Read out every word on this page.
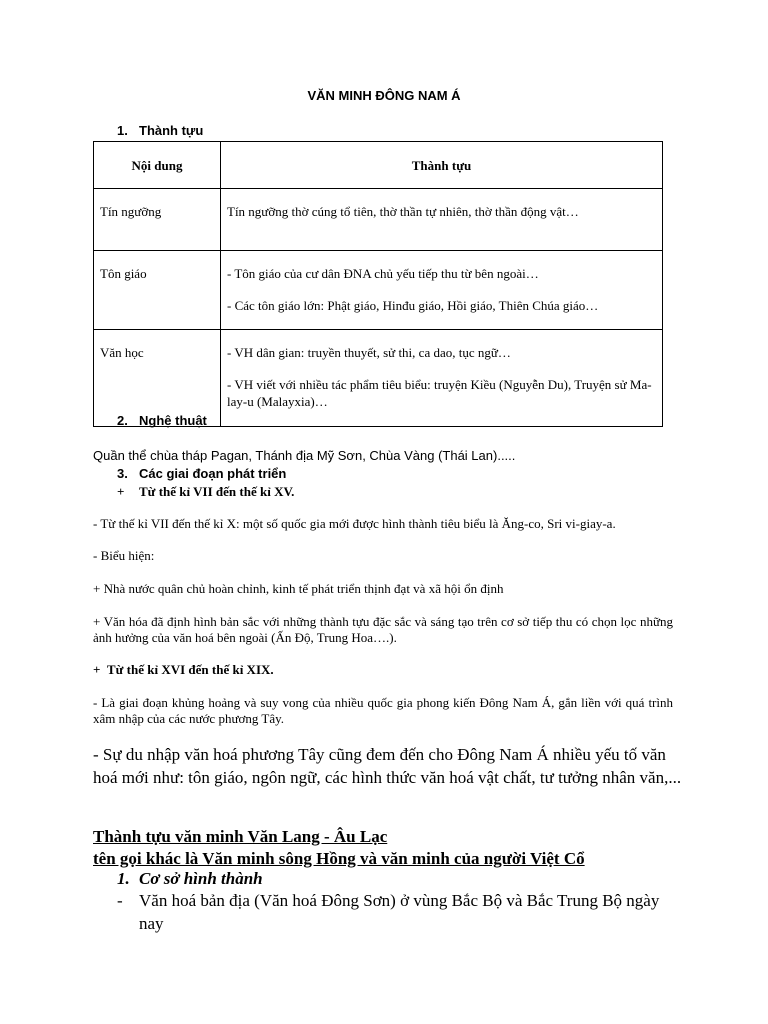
VĂN MINH ĐÔNG NAM Á

1. Thành tựu

Nội dung	Thành tựu
Tín ngưỡng	Tín ngưỡng thờ cúng tổ tiên, thờ thần tự nhiên, thờ thần động vật…

Tôn giáo	- Tôn giáo của cư dân ĐNA chủ yếu tiếp thu từ bên ngoài…

- Các tôn giáo lớn: Phật giáo, Hinđu giáo, Hồi giáo, Thiên Chúa giáo…

Văn học	- VH dân gian: truyền thuyết, sử thi, ca dao, tục ngữ…

- VH viết với nhiều tác phẩm tiêu biểu: truyện Kiều (Nguyễn Du), Truyện sử Ma-lay-u (Malayxia)…

2. Nghệ thuật

Quần thể chùa tháp Pagan, Thánh địa Mỹ Sơn, Chùa Vàng (Thái Lan).....

3. Các giai đoạn phát triển

+ Từ thế kỉ VII đến thế kỉ XV.

- Từ thế kỉ VII đến thế kỉ X: một số quốc gia mới được hình thành tiêu biểu là Ăng-co, Sri vi-giay-a.

- Biểu hiện:

+ Nhà nước quân chủ hoàn chỉnh, kinh tế phát triển thịnh đạt và xã hội ổn định

+ Văn hóa đã định hình bản sắc với những thành tựu đặc sắc và sáng tạo trên cơ sở tiếp thu có chọn lọc những ảnh hưởng của văn hoá bên ngoài (Ấn Độ, Trung Hoa….).

+ Từ thế kỉ XVI đến thế kỉ XIX.

- Là giai đoạn khủng hoảng và suy vong của nhiều quốc gia phong kiến Đông Nam Á, gắn liền với quá trình xâm nhập của các nước phương Tây.

- Sự du nhập văn hoá phương Tây cũng đem đến cho Đông Nam Á nhiều yếu tố văn hoá mới như: tôn giáo, ngôn ngữ, các hình thức văn hoá vật chất, tư tưởng nhân văn,...

Thành tựu văn minh Văn Lang - Âu Lạc

tên gọi khác là Văn minh sông Hồng và văn minh của người Việt Cổ

1. Cơ sở hình thành

- Văn hoá bản địa (Văn hoá Đông Sơn) ở vùng Bắc Bộ và Bắc Trung Bộ ngày nay
